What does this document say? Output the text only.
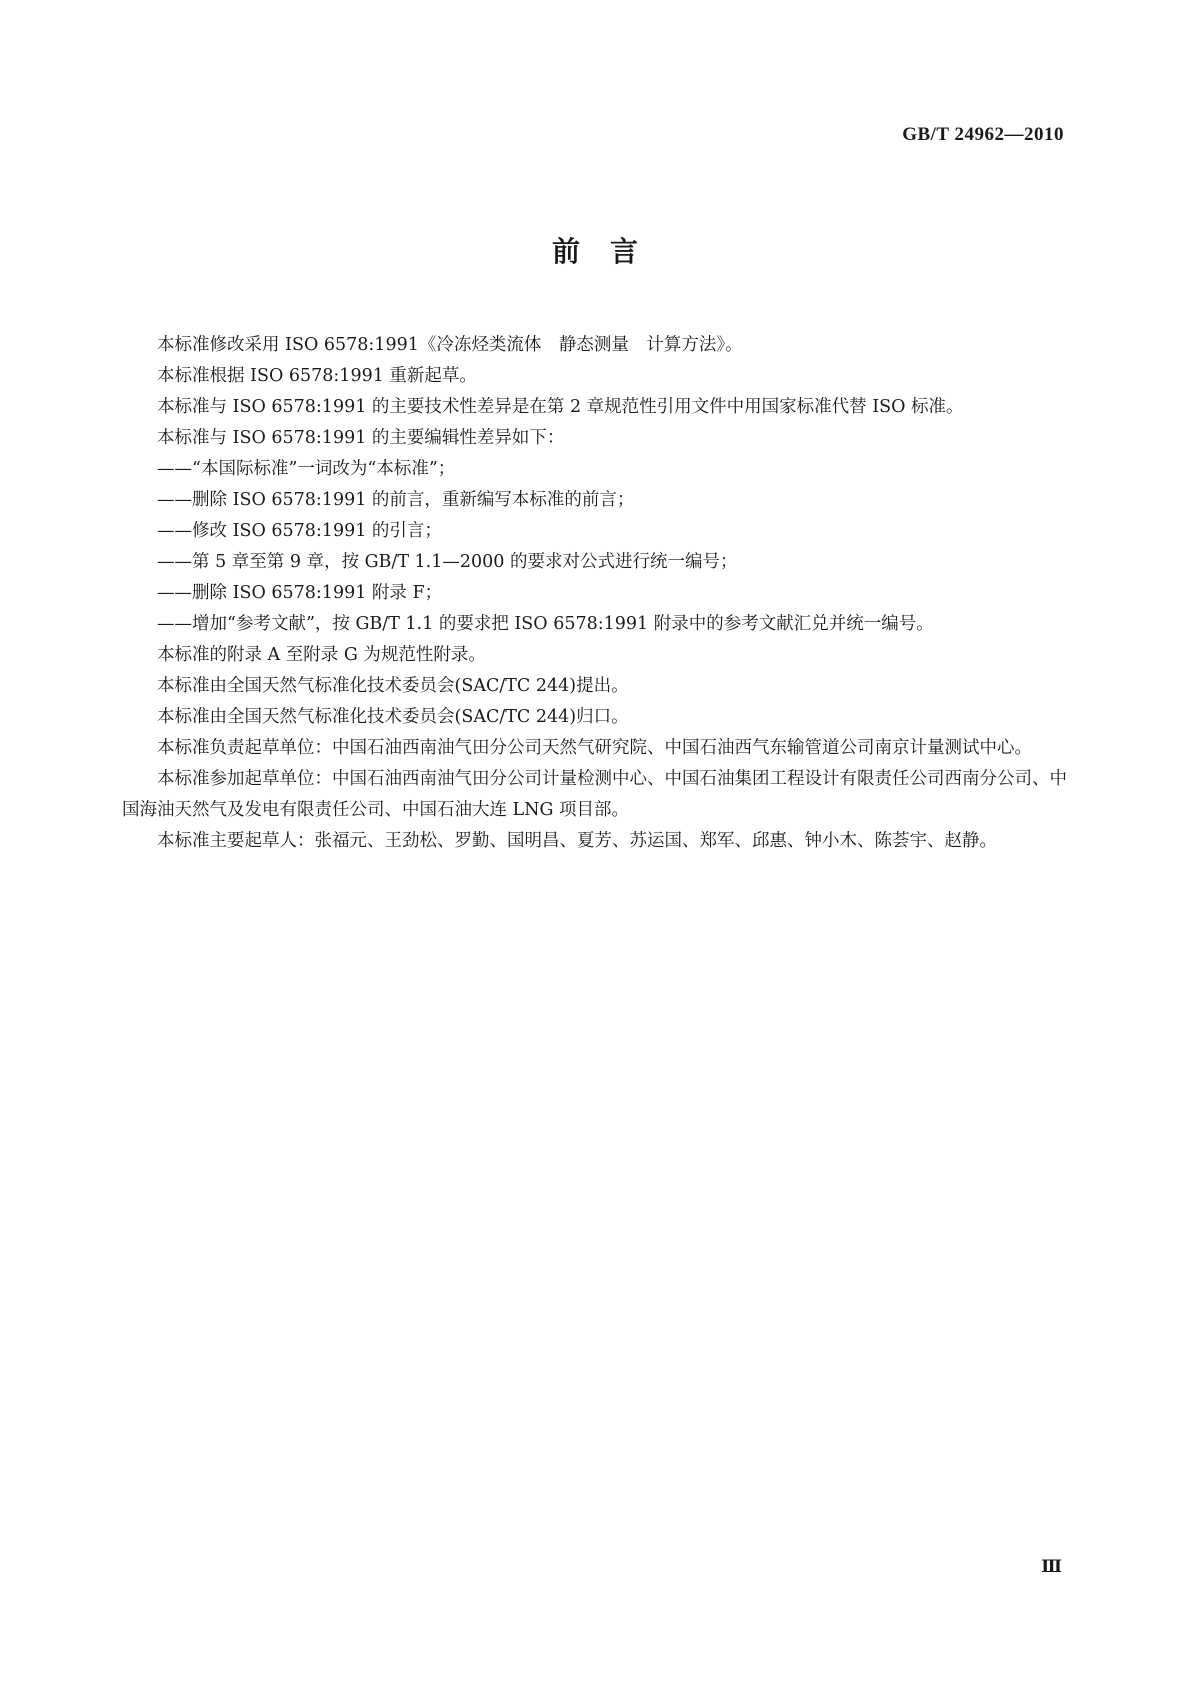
GB/T 24962—2010
前　言

本标准修改采用 ISO 6578:1991《冷冻烃类流体　静态测量　计算方法》。

本标准根据 ISO 6578:1991 重新起草。

本标准与 ISO 6578:1991 的主要技术性差异是在第 2 章规范性引用文件中用国家标准代替 ISO 标准。

本标准与 ISO 6578:1991 的主要编辑性差异如下：

——“本国际标准”一词改为“本标准”；

——删除 ISO 6578:1991 的前言，重新编写本标准的前言；

——修改 ISO 6578:1991 的引言；

——第 5 章至第 9 章，按 GB/T 1.1—2000 的要求对公式进行统一编号；

——删除 ISO 6578:1991 附录 F；

——增加“参考文献”，按 GB/T 1.1 的要求把 ISO 6578:1991 附录中的参考文献汇兑并统一编号。

本标准的附录 A 至附录 G 为规范性附录。

本标准由全国天然气标准化技术委员会(SAC/TC 244)提出。

本标准由全国天然气标准化技术委员会(SAC/TC 244)归口。

本标准负责起草单位：中国石油西南油气田分公司天然气研究院、中国石油西气东输管道公司南京计量测试中心。

本标准参加起草单位：中国石油西南油气田分公司计量检测中心、中国石油集团工程设计有限责任公司西南分公司、中国海油天然气及发电有限责任公司、中国石油大连 LNG 项目部。

本标准主要起草人：张福元、王劲松、罗勤、国明昌、夏芳、苏运国、郑军、邱惠、钟小木、陈荟宇、赵静。

Ⅲ
